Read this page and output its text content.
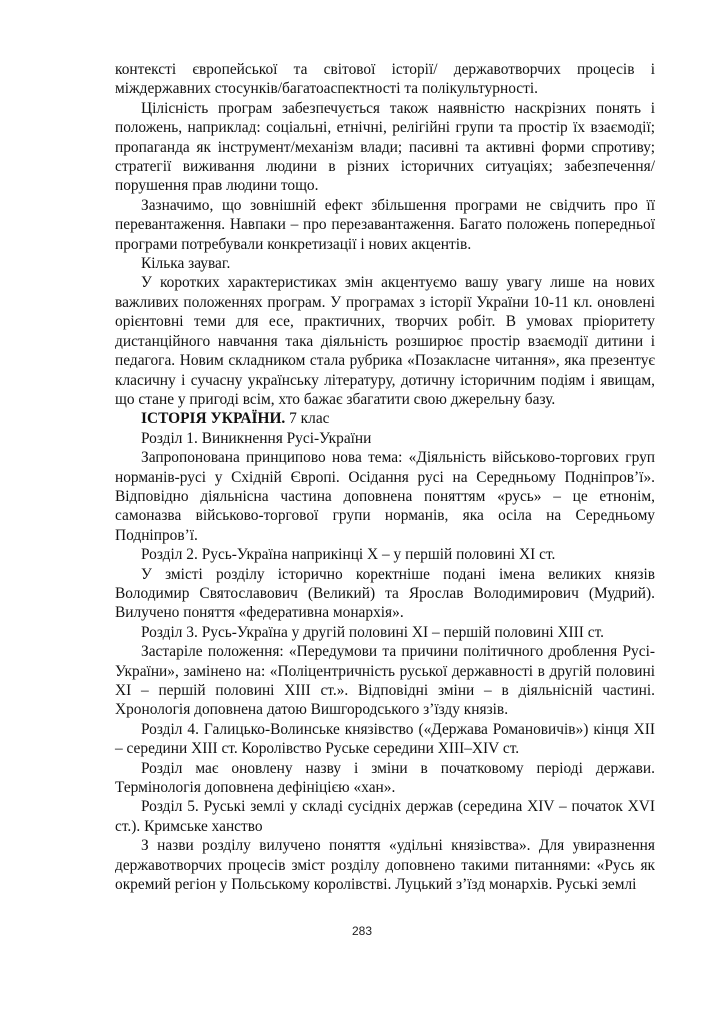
контексті європейської та світової історії/ державотворчих процесів і міждержавних стосунків/багатоаспектності та полікультурності.

Цілісність програм забезпечується також наявністю наскрізних понять і положень, наприклад: соціальні, етнічні, релігійні групи та простір їх взаємодії; пропаганда як інструмент/механізм влади; пасивні та активні форми спротиву; стратегії виживання людини в різних історичних ситуаціях; забезпечення/порушення прав людини тощо.

Зазначимо, що зовнішній ефект збільшення програми не свідчить про її перевантаження. Навпаки – про перезавантаження. Багато положень попередньої програми потребували конкретизації і нових акцентів.

Кілька зауваг.

У коротких характеристиках змін акцентуємо вашу увагу лише на нових важливих положеннях програм. У програмах з історії України 10-11 кл. оновлені орієнтовні теми для есе, практичних, творчих робіт. В умовах пріоритету дистанційного навчання така діяльність розширює простір взаємодії дитини і педагога. Новим складником стала рубрика «Позакласне читання», яка презентує класичну і сучасну українську літературу, дотичну історичним подіям і явищам, що стане у пригоді всім, хто бажає збагатити свою джерельну базу.

ІСТОРІЯ УКРАЇНИ. 7 клас

Розділ 1. Виникнення Русі-України

Запропонована принципово нова тема: «Діяльність військово-торгових груп норманів-русі у Східній Європі. Осідання русі на Середньому Подніпров’ї». Відповідно діяльнісна частина доповнена поняттям «русь» – це етнонім, самоназва військово-торгової групи норманів, яка осіла на Середньому Подніпров’ї.

Розділ 2. Русь-Україна наприкінці Х – у першій половині ХІ ст.

У змісті розділу історично коректніше подані імена великих князів Володимир Святославович (Великий) та Ярослав Володимирович (Мудрий). Вилучено поняття «федеративна монархія».

Розділ 3. Русь-Україна у другій половині ХІ – першій половині ХІІІ ст.

Застаріле положення: «Передумови та причини політичного дроблення Русі-України», замінено на: «Поліцентричність руської державності в другій половині XI – першій половині XIII ст.». Відповідні зміни – в діяльнісній частині. Хронологія доповнена датою Вишгородського з’їзду князів.

Розділ 4. Галицько-Волинське князівство («Держава Романовичів») кінця XII – середини ХІІІ ст. Королівство Руське середини XIII–XIV ст.

Розділ має оновлену назву і зміни в початковому періоді держави. Термінологія доповнена дефініцією «хан».

Розділ 5. Руські землі у складі сусідніх держав (середина XIV – початок XVI ст.). Кримське ханство

З назви розділу вилучено поняття «удільні князівства». Для увиразнення державотворчих процесів зміст розділу доповнено такими питаннями: «Русь як окремий регіон у Польському королівстві. Луцький з’їзд монархів. Руські землі

283
